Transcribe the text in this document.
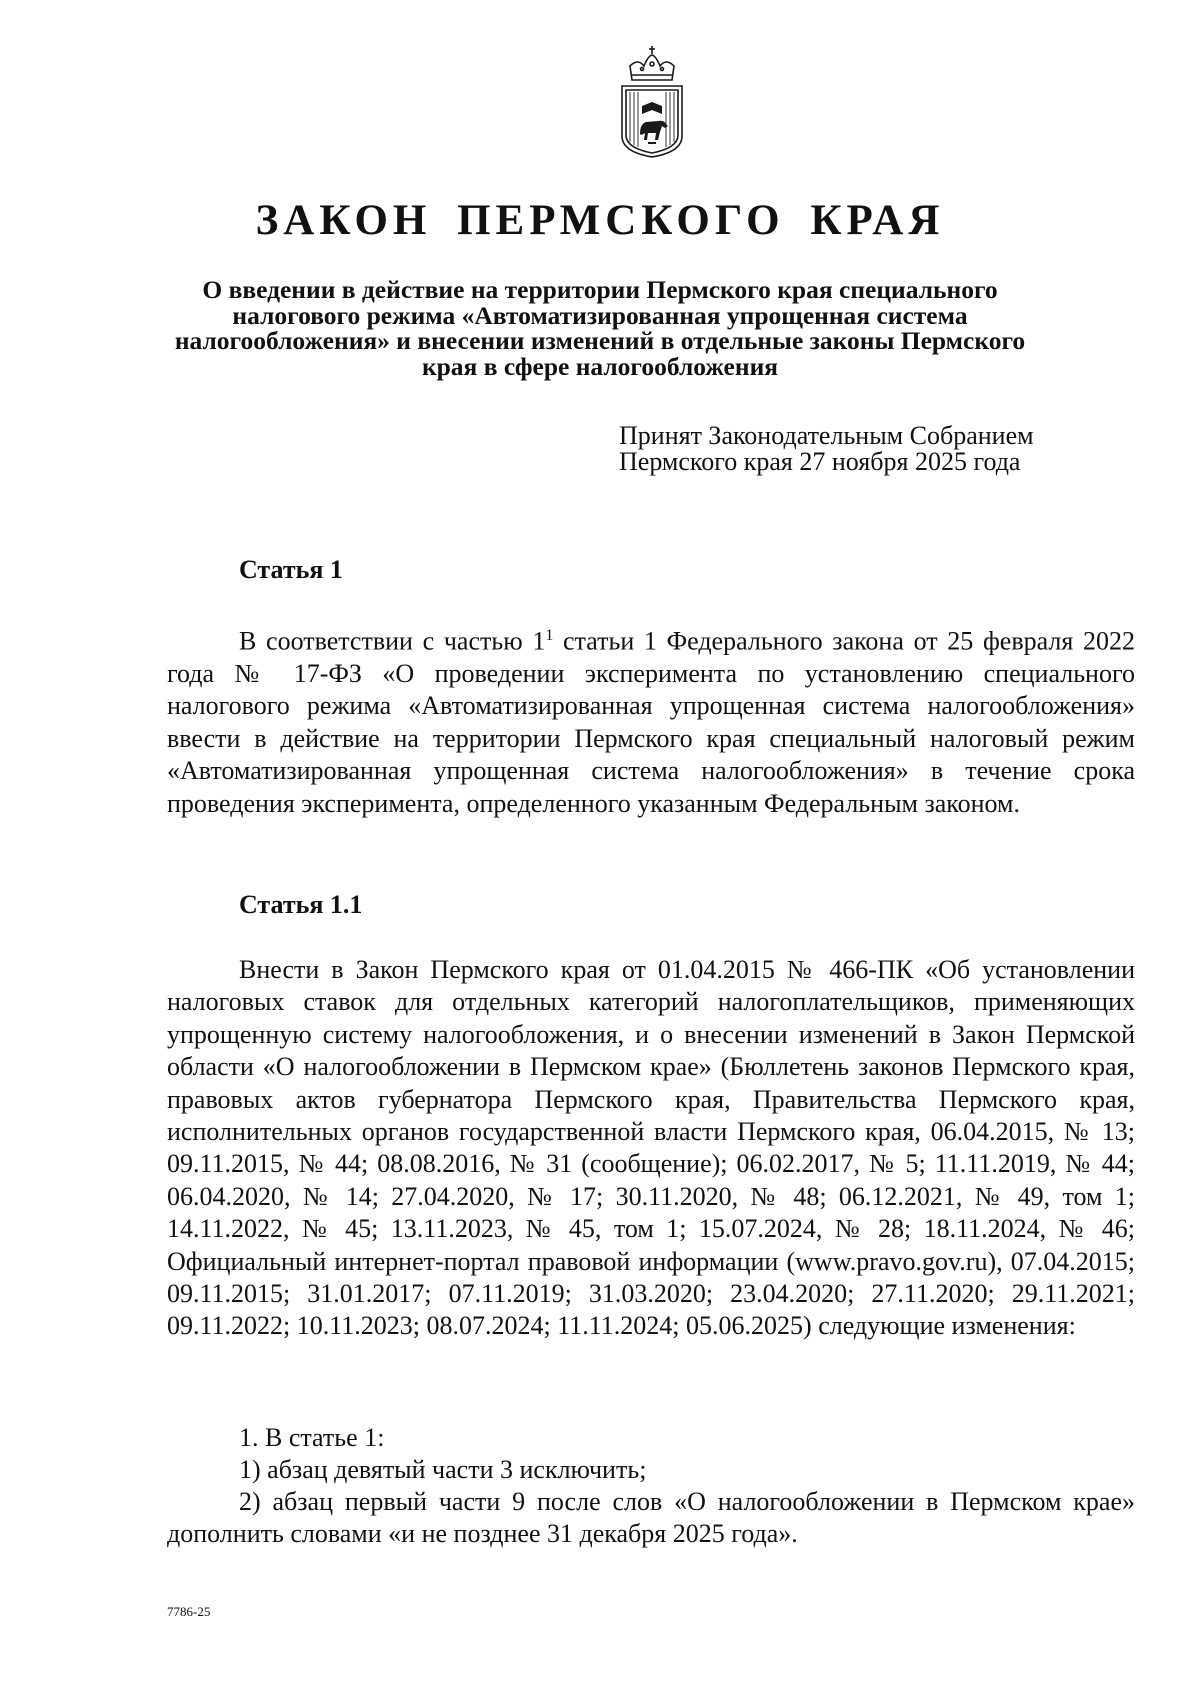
ЗАКОН ПЕРМСКОГО КРАЯ
О введении в действие на территории Пермского края специального налогового режима «Автоматизированная упрощенная система налогообложения» и внесении изменений в отдельные законы Пермского края в сфере налогообложения
Принят Законодательным Собранием
Пермского края 27 ноября 2025 года
Статья 1

В соответствии с частью $1^1$ статьи 1 Федерального закона от 25 февраля 2022 года № 17-ФЗ «О проведении эксперимента по установлению специального налогового режима «Автоматизированная упрощенная система налогообложения» ввести в действие на территории Пермского края специальный налоговый режим «Автоматизированная упрощенная система налогообложения» в течение срока проведения эксперимента, определенного указанным Федеральным законом.

Статья 1.1

Внести в Закон Пермского края от 01.04.2015 № 466-ПК «Об установлении налоговых ставок для отдельных категорий налогоплательщиков, применяющих упрощенную систему налогообложения, и о внесении изменений в Закон Пермской области «О налогообложении в Пермском крае» (Бюллетень законов Пермского края, правовых актов губернатора Пермского края, Правительства Пермского края, исполнительных органов государственной власти Пермского края, 06.04.2015, № 13; 09.11.2015, № 44; 08.08.2016, № 31 (сообщение); 06.02.2017, № 5; 11.11.2019, № 44; 06.04.2020, № 14; 27.04.2020, № 17; 30.11.2020, № 48; 06.12.2021, № 49, том 1; 14.11.2022, № 45; 13.11.2023, № 45, том 1; 15.07.2024, № 28; 18.11.2024, № 46; Официальный интернет-портал правовой информации (www.pravo.gov.ru), 07.04.2015; 09.11.2015; 31.01.2017; 07.11.2019; 31.03.2020; 23.04.2020; 27.11.2020; 29.11.2021; 09.11.2022; 10.11.2023; 08.07.2024; 11.11.2024; 05.06.2025) следующие изменения:

1. В статье 1:

1) абзац девятый части 3 исключить;

2) абзац первый части 9 после слов «О налогообложении в Пермском крае» дополнить словами «и не позднее 31 декабря 2025 года».

7786-25
